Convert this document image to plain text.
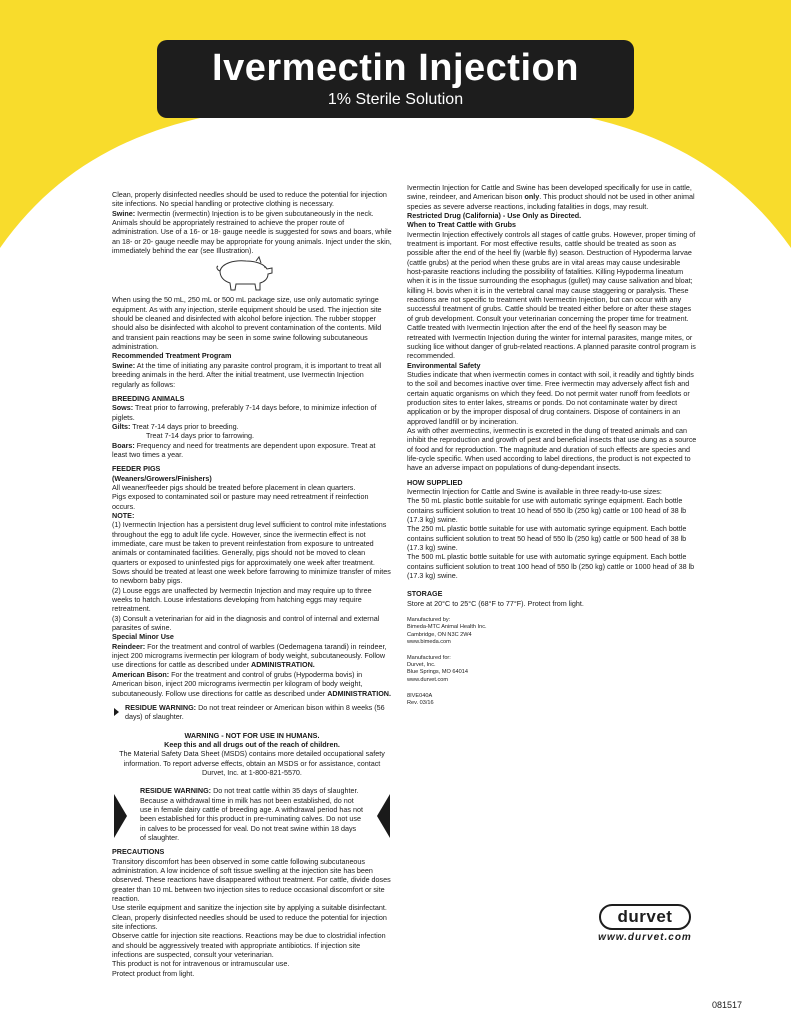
Ivermectin Injection
1% Sterile Solution

Clean, properly disinfected needles should be used to reduce the potential for injection site infections. No special handling or protective clothing is necessary.

Swine: Ivermectin (ivermectin) Injection is to be given subcutaneously in the neck. Animals should be appropriately restrained to achieve the proper route of administration. Use of a 16- or 18- gauge needle is suggested for sows and boars, while an 18- or 20- gauge needle may be appropriate for young animals. Inject under the skin, immediately behind the ear (see Illustration).

When using the 50 mL, 250 mL or 500 mL package size, use only automatic syringe equipment. As with any injection, sterile equipment should be used. The injection site should be cleaned and disinfected with alcohol before injection. The rubber stopper should also be disinfected with alcohol to prevent contamination of the contents. Mild and transient pain reactions may be seen in some swine following subcutaneous administration.

Recommended Treatment Program

Swine: At the time of initiating any parasite control program, it is important to treat all breeding animals in the herd. After the initial treatment, use Ivermectin Injection regularly as follows:

BREEDING ANIMALS

Sows: Treat prior to farrowing, preferably 7-14 days before, to minimize infection of piglets.

Gilts: Treat 7-14 days prior to breeding.

Treat 7-14 days prior to farrowing.

Boars: Frequency and need for treatments are dependent upon exposure. Treat at least two times a year.

FEEDER PIGS

(Weaners/Growers/Finishers)

All weaner/feeder pigs should be treated before placement in clean quarters.

Pigs exposed to contaminated soil or pasture may need retreatment if reinfection occurs.

NOTE:

(1) Ivermectin Injection has a persistent drug level sufficient to control mite infestations throughout the egg to adult life cycle. However, since the ivermectin effect is not immediate, care must be taken to prevent reinfestation from exposure to untreated animals or contaminated facilities. Generally, pigs should not be moved to clean quarters or exposed to uninfested pigs for approximately one week after treatment. Sows should be treated at least one week before farrowing to minimize transfer of mites to newborn baby pigs.

(2) Louse eggs are unaffected by Ivermectin Injection and may require up to three weeks to hatch. Louse infestations developing from hatching eggs may require retreatment.

(3) Consult a veterinarian for aid in the diagnosis and control of internal and external parasites of swine.

Special Minor Use

Reindeer: For the treatment and control of warbles (Oedemagena tarandi) in reindeer, inject 200 micrograms ivermectin per kilogram of body weight, subcutaneously. Follow use directions for cattle as described under ADMINISTRATION.

American Bison: For the treatment and control of grubs (Hypoderma bovis) in American bison, inject 200 micrograms ivermectin per kilogram of body weight, subcutaneously. Follow use directions for cattle as described under ADMINISTRATION.

RESIDUE WARNING: Do not treat reindeer or American bison within 8 weeks (56 days) of slaughter.

WARNING - NOT FOR USE IN HUMANS.

Keep this and all drugs out of the reach of children.

The Material Safety Data Sheet (MSDS) contains more detailed occupational safety information. To report adverse effects, obtain an MSDS or for assistance, contact Durvet, Inc. at 1-800-821-5570.

RESIDUE WARNING: Do not treat cattle within 35 days of slaughter. Because a withdrawal time in milk has not been established, do not use in female dairy cattle of breeding age. A withdrawal period has not been established for this product in pre-ruminating calves. Do not use in calves to be processed for veal. Do not treat swine within 18 days of slaughter.

PRECAUTIONS

Transitory discomfort has been observed in some cattle following subcutaneous administration. A low incidence of soft tissue swelling at the injection site has been observed. These reactions have disappeared without treatment. For cattle, divide doses greater than 10 mL between two injection sites to reduce occasional discomfort or site reaction.

Use sterile equipment and sanitize the injection site by applying a suitable disinfectant. Clean, properly disinfected needles should be used to reduce the potential for injection site infections.

Observe cattle for injection site reactions. Reactions may be due to clostridial infection and should be aggressively treated with appropriate antibiotics. If injection site infections are suspected, consult your veterinarian.

This product is not for intravenous or intramuscular use.

Protect product from light.

Ivermectin Injection for Cattle and Swine has been developed specifically for use in cattle, swine, reindeer, and American bison only. This product should not be used in other animal species as severe adverse reactions, including fatalities in dogs, may result.

Restricted Drug (California) - Use Only as Directed.

When to Treat Cattle with Grubs

Ivermectin Injection effectively controls all stages of cattle grubs. However, proper timing of treatment is important. For most effective results, cattle should be treated as soon as possible after the end of the heel fly (warble fly) season. Destruction of Hypoderma larvae (cattle grubs) at the period when these grubs are in vital areas may cause undesirable host-parasite reactions including the possibility of fatalities. Killing Hypoderma lineatum when it is in the tissue surrounding the esophagus (gullet) may cause salivation and bloat; killing H. bovis when it is in the vertebral canal may cause staggering or paralysis. These reactions are not specific to treatment with Ivermectin Injection, but can occur with any successful treatment of grubs. Cattle should be treated either before or after these stages of grub development. Consult your veterinarian concerning the proper time for treatment.

Cattle treated with Ivermectin Injection after the end of the heel fly season may be retreated with Ivermectin Injection during the winter for internal parasites, mange mites, or sucking lice without danger of grub-related reactions. A planned parasite control program is recommended.

Environmental Safety

Studies indicate that when ivermectin comes in contact with soil, it readily and tightly binds to the soil and becomes inactive over time. Free ivermectin may adversely affect fish and certain aquatic organisms on which they feed. Do not permit water runoff from feedlots or production sites to enter lakes, streams or ponds. Do not contaminate water by direct application or by the improper disposal of drug containers. Dispose of containers in an approved landfill or by incineration.

As with other avermectins, ivermectin is excreted in the dung of treated animals and can inhibit the reproduction and growth of pest and beneficial insects that use dung as a source of food and for reproduction. The magnitude and duration of such effects are species and life-cycle specific. When used according to label directions, the product is not expected to have an adverse impact on populations of dung-dependant insects.

HOW SUPPLIED

Ivermectin Injection for Cattle and Swine is available in three ready-to-use sizes:

The 50 mL plastic bottle suitable for use with automatic syringe equipment. Each bottle contains sufficient solution to treat 10 head of 550 lb (250 kg) cattle or 100 head of 38 lb (17.3 kg) swine.

The 250 mL plastic bottle suitable for use with automatic syringe equipment. Each bottle contains sufficient solution to treat 50 head of 550 lb (250 kg) cattle or 500 head of 38 lb (17.3 kg) swine.

The 500 mL plastic bottle suitable for use with automatic syringe equipment. Each bottle contains sufficient solution to treat 100 head of 550 lb (250 kg) cattle or 1000 head of 38 lb (17.3 kg) swine.

STORAGE

Store at 20°C to 25°C (68°F to 77°F). Protect from light.

Manufactured by:

Bimeda-MTC Animal Health Inc.

Cambridge, ON N3C 2W4

www.bimeda.com

Manufactured for:

Durvet, Inc.

Blue Springs, MO 64014

www.durvet.com

8IVE040A

Rev. 03/16

durvet
www.durvet.com
081517
